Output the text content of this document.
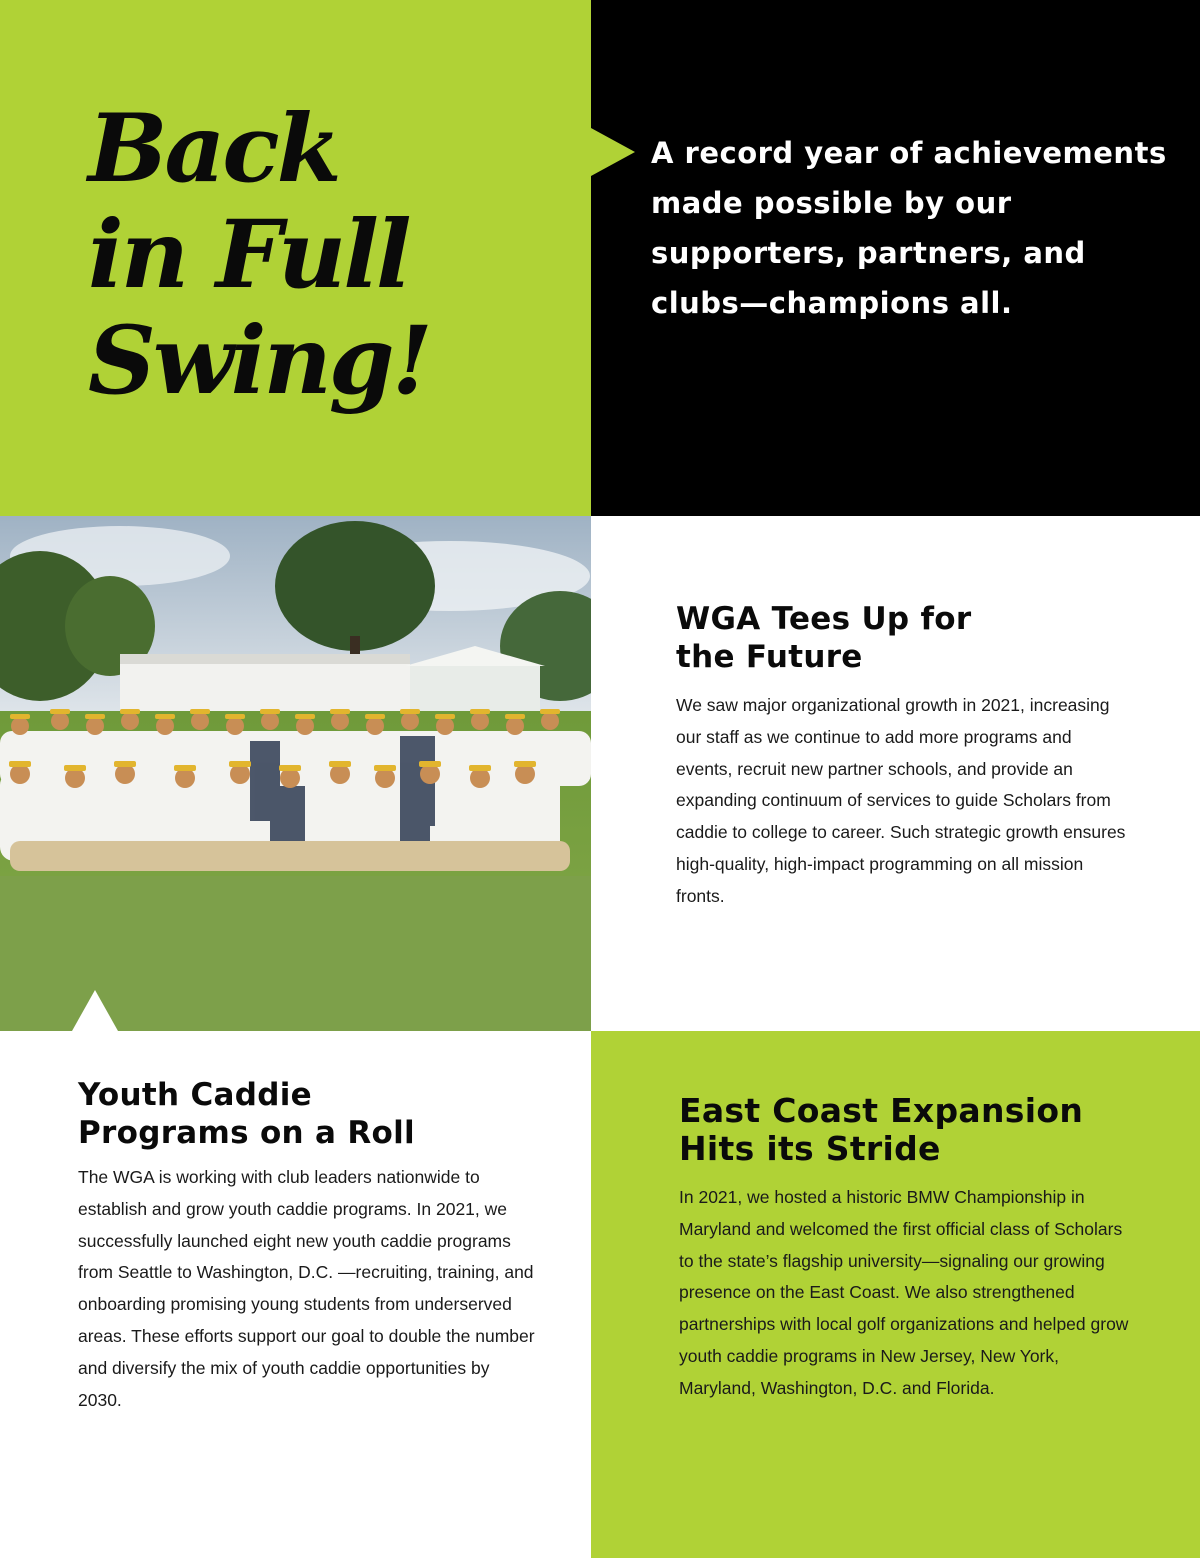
Back
in Full
Swing!

A record year of achievements made possible by our supporters, partners, and clubs—champions all.

WGA Tees Up for
the Future

We saw major organizational growth in 2021, increasing our staff as we continue to add more programs and events, recruit new partner schools, and provide an expanding continuum of services to guide Scholars from caddie to college to career. Such strategic growth ensures high-quality, high-impact programming on all mission fronts.

Youth Caddie
Programs on a Roll

The WGA is working with club leaders nationwide to establish and grow youth caddie programs. In 2021, we successfully launched eight new youth caddie programs from Seattle to Washington, D.C. —recruiting, training, and onboarding promising young students from underserved areas. These efforts support our goal to double the number and diversify the mix of youth caddie opportunities by 2030.

East Coast Expansion
Hits its Stride

In 2021, we hosted a historic BMW Championship in Maryland and welcomed the first official class of Scholars to the state’s flagship university—signaling our growing presence on the East Coast. We also strengthened partnerships with local golf organizations and helped grow youth caddie programs in New Jersey, New York, Maryland, Washington, D.C. and Florida.
